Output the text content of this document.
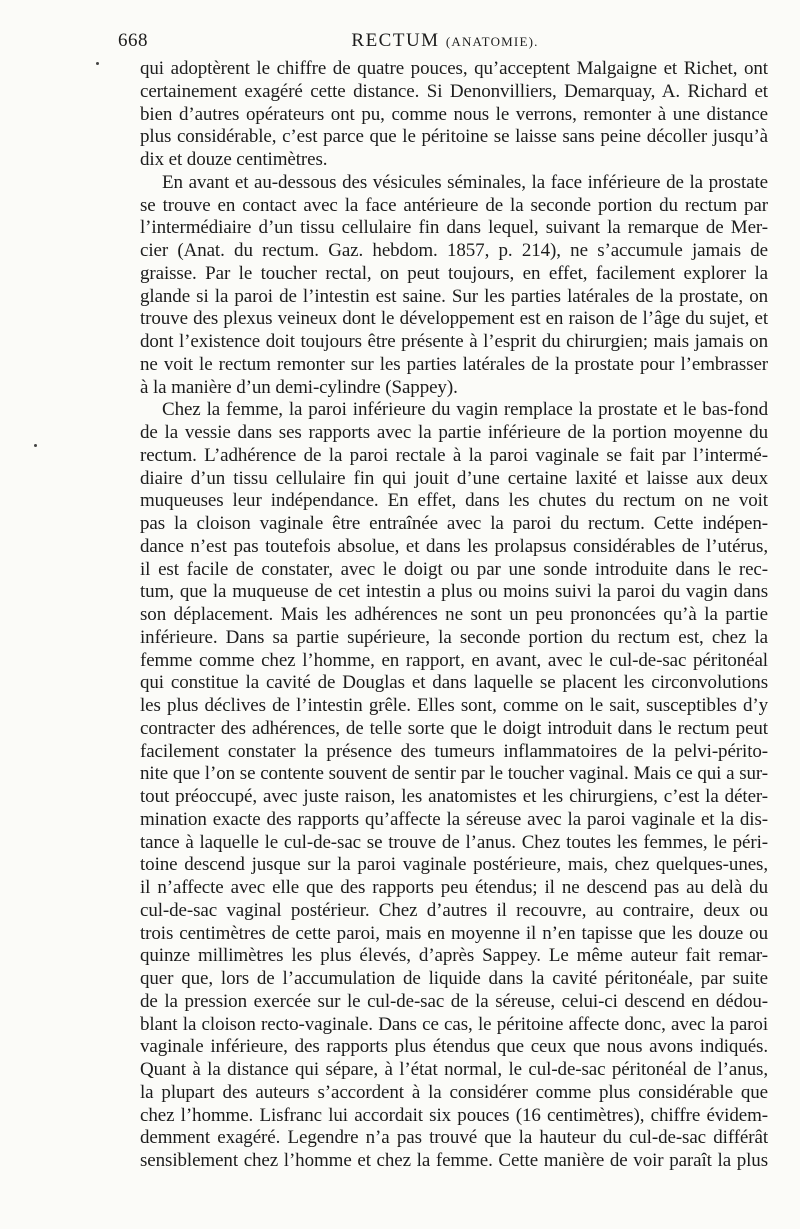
668	RECTUM (ANATOMIE).
qui adoptèrent le chiffre de quatre pouces, qu’acceptent Malgaigne et Richet, ont
certainement exagéré cette distance. Si Denonvilliers, Demarquay, A. Richard et
bien d’autres opérateurs ont pu, comme nous le verrons, remonter à une distance
plus considérable, c’est parce que le péritoine se laisse sans peine décoller jusqu’à
dix et douze centimètres.
En avant et au-dessous des vésicules séminales, la face inférieure de la prostate
se trouve en contact avec la face antérieure de la seconde portion du rectum par
l’intermédiaire d’un tissu cellulaire fin dans lequel, suivant la remarque de Mer-
cier (Anat. du rectum. Gaz. hebdom. 1857, p. 214), ne s’accumule jamais de
graisse. Par le toucher rectal, on peut toujours, en effet, facilement explorer la
glande si la paroi de l’intestin est saine. Sur les parties latérales de la prostate, on
trouve des plexus veineux dont le développement est en raison de l’âge du sujet, et
dont l’existence doit toujours être présente à l’esprit du chirurgien; mais jamais on
ne voit le rectum remonter sur les parties latérales de la prostate pour l’embrasser
à la manière d’un demi-cylindre (Sappey).
Chez la femme, la paroi inférieure du vagin remplace la prostate et le bas-fond
de la vessie dans ses rapports avec la partie inférieure de la portion moyenne du
rectum. L’adhérence de la paroi rectale à la paroi vaginale se fait par l’intermé-
diaire d’un tissu cellulaire fin qui jouit d’une certaine laxité et laisse aux deux
muqueuses leur indépendance. En effet, dans les chutes du rectum on ne voit
pas la cloison vaginale être entraînée avec la paroi du rectum. Cette indépen-
dance n’est pas toutefois absolue, et dans les prolapsus considérables de l’utérus,
il est facile de constater, avec le doigt ou par une sonde introduite dans le rec-
tum, que la muqueuse de cet intestin a plus ou moins suivi la paroi du vagin dans
son déplacement. Mais les adhérences ne sont un peu prononcées qu’à la partie
inférieure. Dans sa partie supérieure, la seconde portion du rectum est, chez la
femme comme chez l’homme, en rapport, en avant, avec le cul-de-sac péritonéal
qui constitue la cavité de Douglas et dans laquelle se placent les circonvolutions
les plus déclives de l’intestin grêle. Elles sont, comme on le sait, susceptibles d’y
contracter des adhérences, de telle sorte que le doigt introduit dans le rectum peut
facilement constater la présence des tumeurs inflammatoires de la pelvi-périto-
nite que l’on se contente souvent de sentir par le toucher vaginal. Mais ce qui a sur-
tout préoccupé, avec juste raison, les anatomistes et les chirurgiens, c’est la déter-
mination exacte des rapports qu’affecte la séreuse avec la paroi vaginale et la dis-
tance à laquelle le cul-de-sac se trouve de l’anus. Chez toutes les femmes, le péri-
toine descend jusque sur la paroi vaginale postérieure, mais, chez quelques-unes,
il n’affecte avec elle que des rapports peu étendus; il ne descend pas au delà du
cul-de-sac vaginal postérieur. Chez d’autres il recouvre, au contraire, deux ou
trois centimètres de cette paroi, mais en moyenne il n’en tapisse que les douze ou
quinze millimètres les plus élevés, d’après Sappey. Le même auteur fait remar-
quer que, lors de l’accumulation de liquide dans la cavité péritonéale, par suite
de la pression exercée sur le cul-de-sac de la séreuse, celui-ci descend en dédou-
blant la cloison recto-vaginale. Dans ce cas, le péritoine affecte donc, avec la paroi
vaginale inférieure, des rapports plus étendus que ceux que nous avons indiqués.
Quant à la distance qui sépare, à l’état normal, le cul-de-sac péritonéal de l’anus,
la plupart des auteurs s’accordent à la considérer comme plus considérable que
chez l’homme. Lisfranc lui accordait six pouces (16 centimètres), chiffre évidem-
demment exagéré. Legendre n’a pas trouvé que la hauteur du cul-de-sac différât
sensiblement chez l’homme et chez la femme. Cette manière de voir paraît la plus
